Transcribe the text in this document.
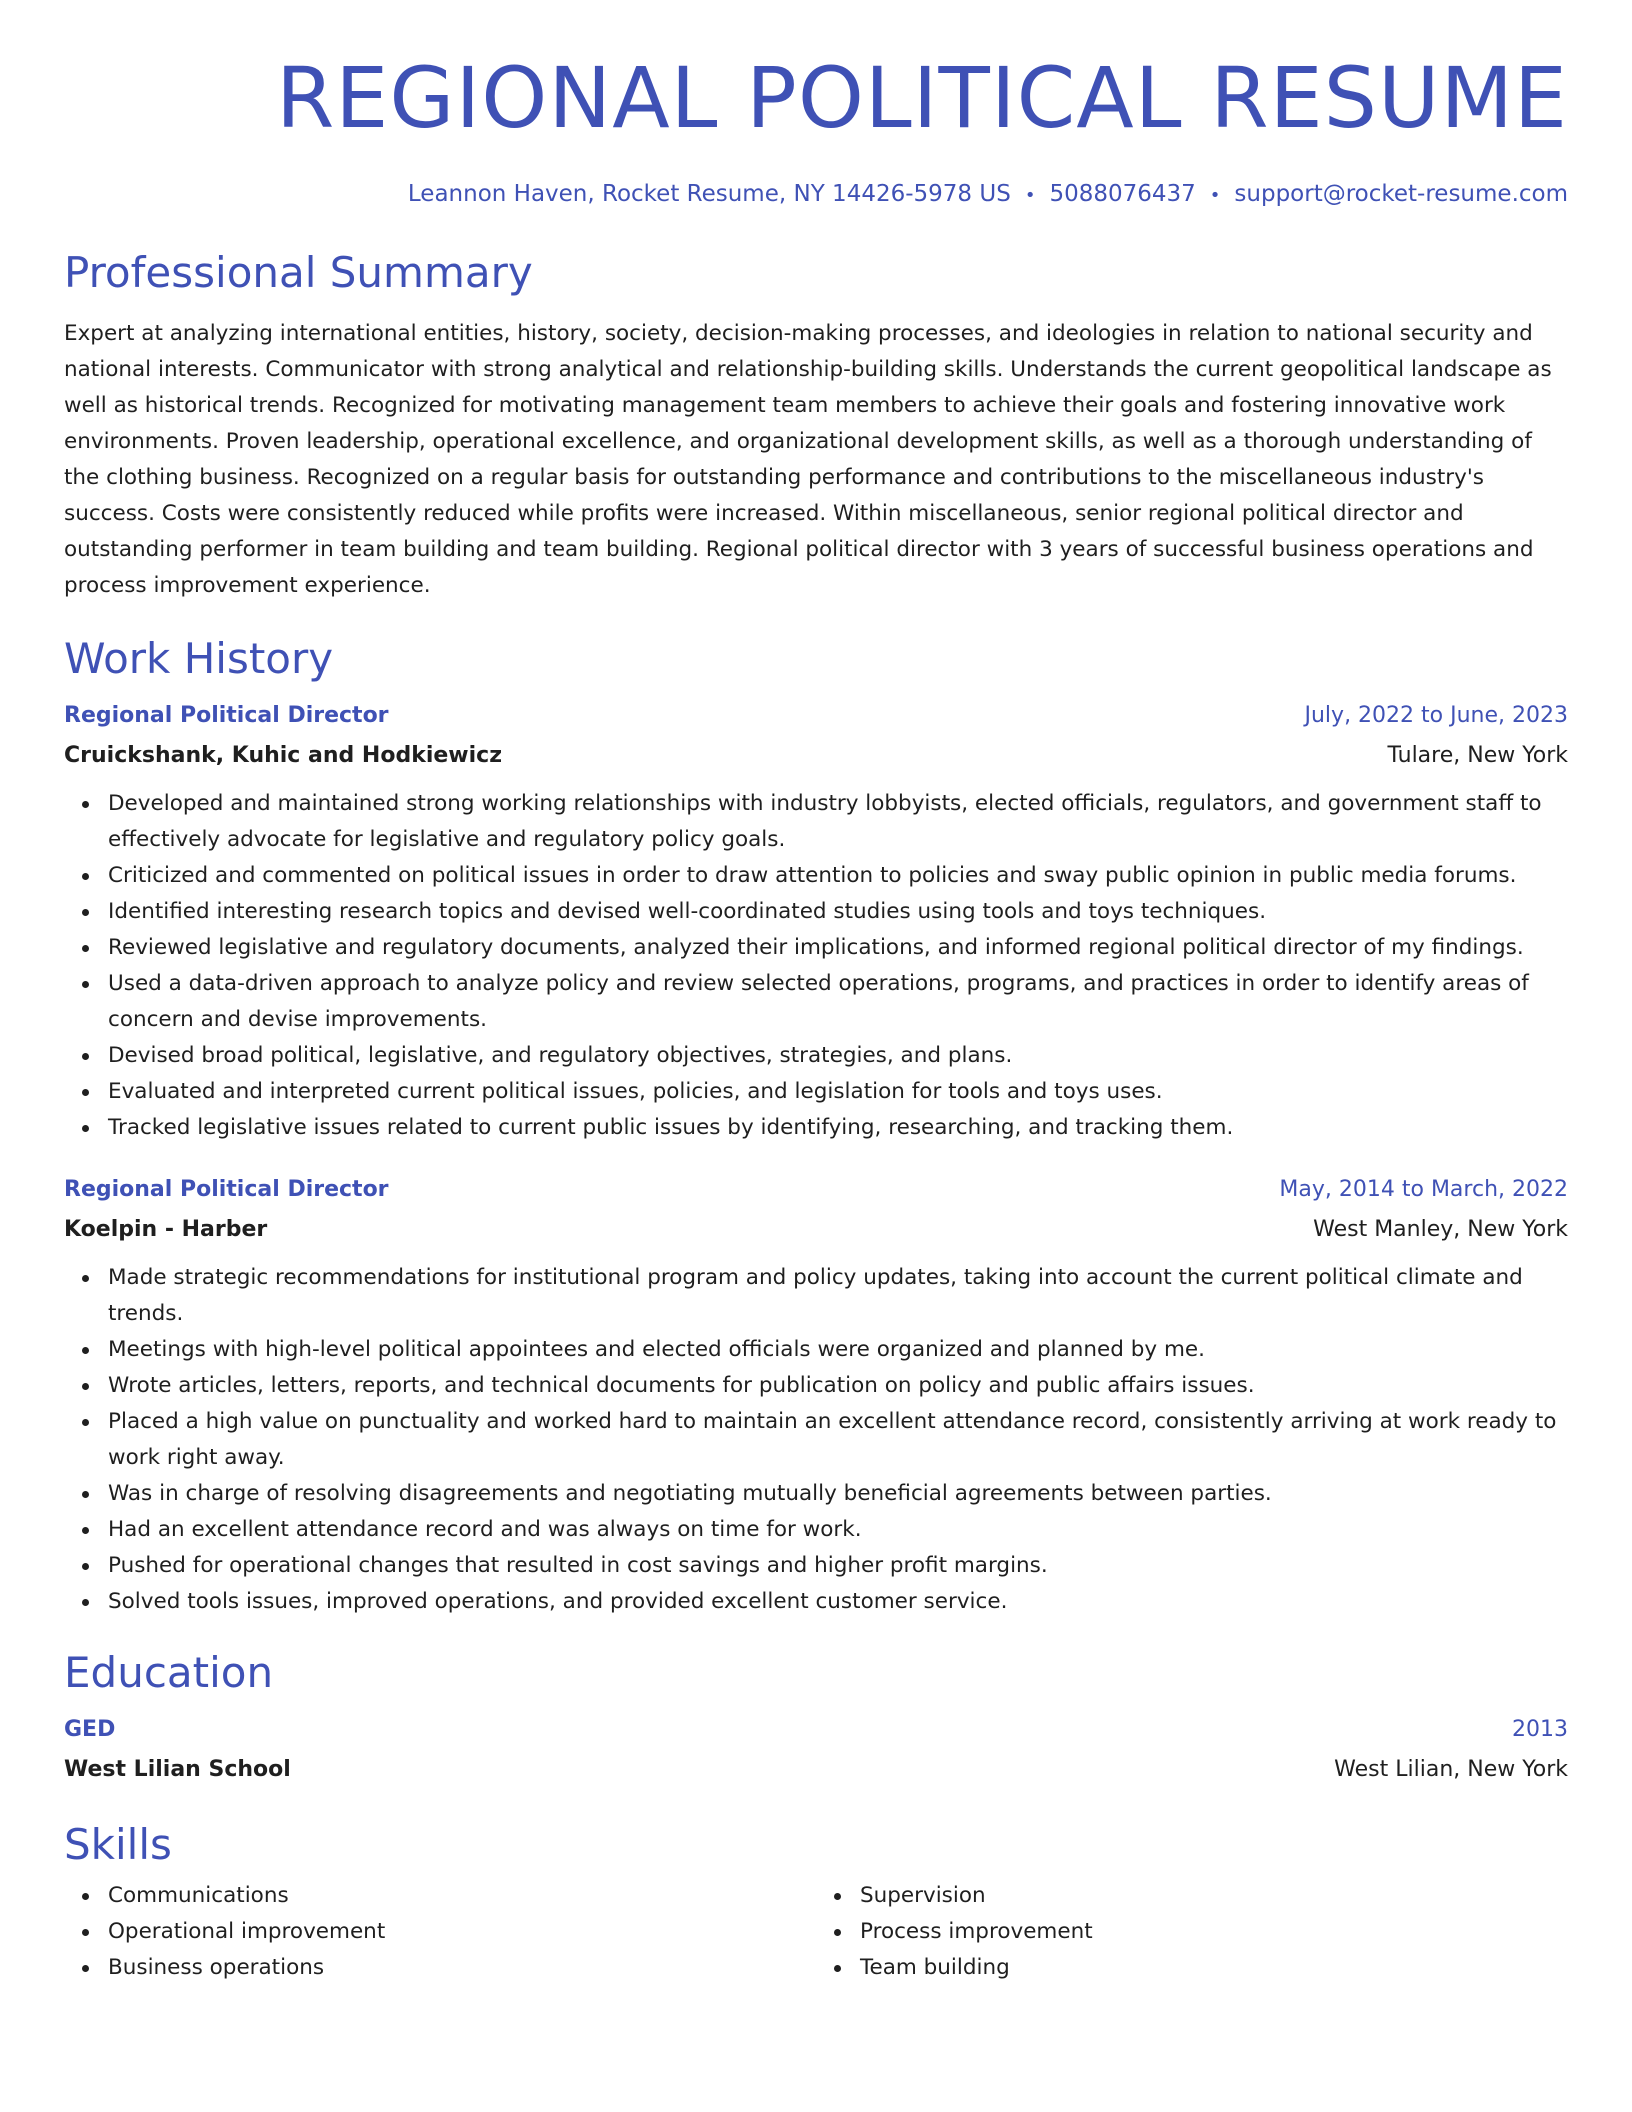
REGIONAL POLITICAL RESUME
Leannon Haven, Rocket Resume, NY 14426-5978 US • 5088076437 • support@rocket-resume.com
Professional Summary

Expert at analyzing international entities, history, society, decision-making processes, and ideologies in relation to national security and national interests. Communicator with strong analytical and relationship-building skills. Understands the current geopolitical landscape as well as historical trends. Recognized for motivating management team members to achieve their goals and fostering innovative work environments. Proven leadership, operational excellence, and organizational development skills, as well as a thorough understanding of the clothing business. Recognized on a regular basis for outstanding performance and contributions to the miscellaneous industry's success. Costs were consistently reduced while profits were increased. Within miscellaneous, senior regional political director and outstanding performer in team building and team building. Regional political director with 3 years of successful business operations and process improvement experience.

Work History
Regional Political Director	July, 2022 to June, 2023
Cruickshank, Kuhic and Hodkiewicz	Tulare, New York
Developed and maintained strong working relationships with industry lobbyists, elected officials, regulators, and government staff to effectively advocate for legislative and regulatory policy goals.
Criticized and commented on political issues in order to draw attention to policies and sway public opinion in public media forums.
Identified interesting research topics and devised well-coordinated studies using tools and toys techniques.
Reviewed legislative and regulatory documents, analyzed their implications, and informed regional political director of my findings.
Used a data-driven approach to analyze policy and review selected operations, programs, and practices in order to identify areas of concern and devise improvements.
Devised broad political, legislative, and regulatory objectives, strategies, and plans.
Evaluated and interpreted current political issues, policies, and legislation for tools and toys uses.
Tracked legislative issues related to current public issues by identifying, researching, and tracking them.
Regional Political Director	May, 2014 to March, 2022
Koelpin - Harber	West Manley, New York
Made strategic recommendations for institutional program and policy updates, taking into account the current political climate and trends.
Meetings with high-level political appointees and elected officials were organized and planned by me.
Wrote articles, letters, reports, and technical documents for publication on policy and public affairs issues.
Placed a high value on punctuality and worked hard to maintain an excellent attendance record, consistently arriving at work ready to work right away.
Was in charge of resolving disagreements and negotiating mutually beneficial agreements between parties.
Had an excellent attendance record and was always on time for work.
Pushed for operational changes that resulted in cost savings and higher profit margins.
Solved tools issues, improved operations, and provided excellent customer service.
Education
GED	2013
West Lilian School	West Lilian, New York
Skills
Communications
Operational improvement
Business operations
Supervision
Process improvement
Team building
